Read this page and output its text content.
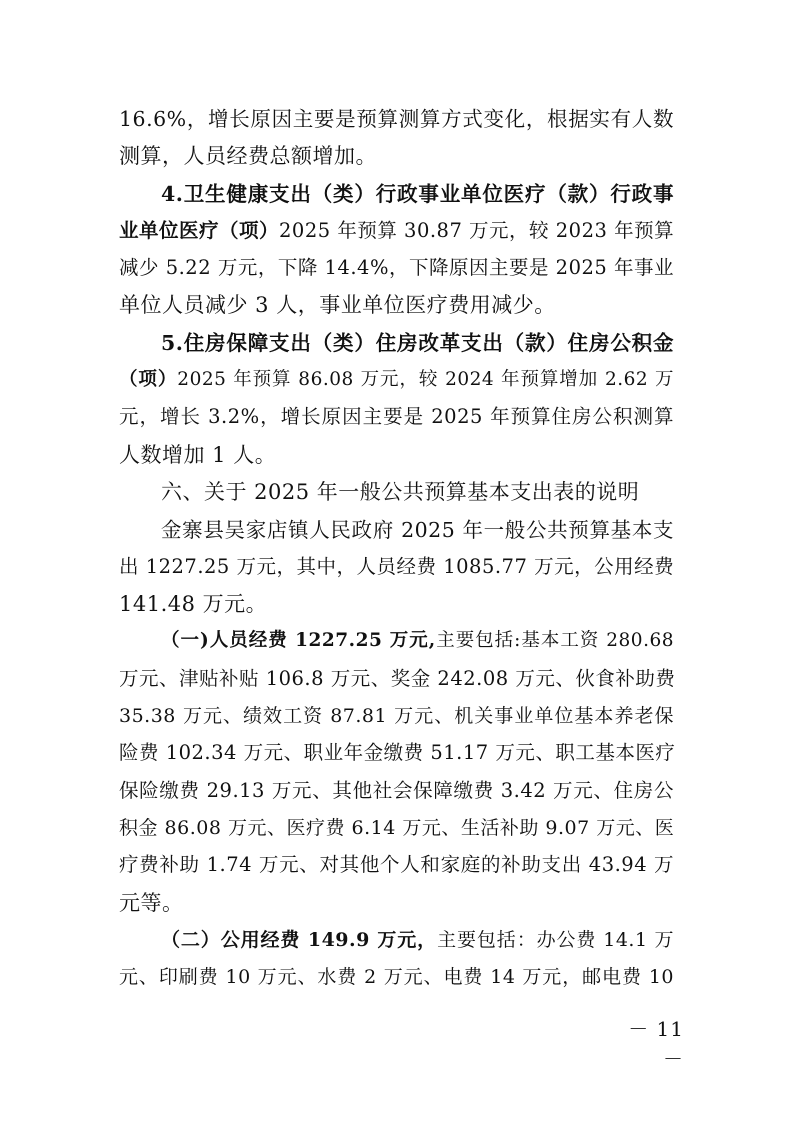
16.6%，增长原因主要是预算测算方式变化，根据实有人数
测算，人员经费总额增加。
4.卫生健康支出（类）行政事业单位医疗（款）行政事
业单位医疗（项）2025 年预算 30.87 万元，较 2023 年预算
减少 5.22 万元，下降 14.4%，下降原因主要是 2025 年事业
单位人员减少 3 人，事业单位医疗费用减少。
5.住房保障支出（类）住房改革支出（款）住房公积金
（项）2025 年预算 86.08 万元，较 2024 年预算增加 2.62 万
元，增长 3.2%，增长原因主要是 2025 年预算住房公积测算
人数增加 1 人。
六、关于 2025 年一般公共预算基本支出表的说明
金寨县吴家店镇人民政府 2025 年一般公共预算基本支
出 1227.25 万元，其中，人员经费 1085.77 万元，公用经费
141.48 万元。
（一)人员经费 1227.25 万元,主要包括:基本工资 280.68
万元、津贴补贴 106.8 万元、奖金 242.08 万元、伙食补助费
35.38 万元、绩效工资 87.81 万元、机关事业单位基本养老保
险费 102.34 万元、职业年金缴费 51.17 万元、职工基本医疗
保险缴费 29.13 万元、其他社会保障缴费 3.42 万元、住房公
积金 86.08 万元、医疗费 6.14 万元、生活补助 9.07 万元、医
疗费补助 1.74 万元、对其他个人和家庭的补助支出 43.94 万
元等。
（二）公用经费 149.9 万元，主要包括：办公费 14.1 万
元、印刷费 10 万元、水费 2 万元、电费 14 万元，邮电费 10
－ 11 －
